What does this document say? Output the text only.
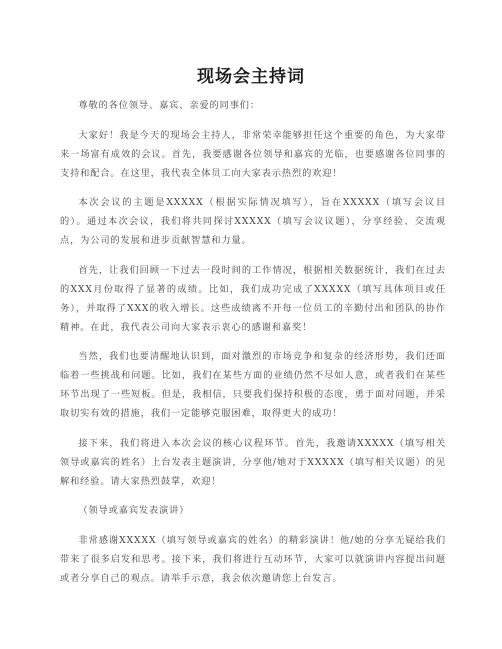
现场会主持词

尊敬的各位领导、嘉宾、亲爱的同事们：

大家好！我是今天的现场会主持人，非常荣幸能够担任这个重要的角色，为大家带来一场富有成效的会议。首先，我要感谢各位领导和嘉宾的光临，也要感谢各位同事的支持和配合。在这里，我代表全体员工向大家表示热烈的欢迎！

本次会议的主题是XXXXX（根据实际情况填写），旨在XXXXX（填写会议目的）。通过本次会议，我们将共同探讨XXXXX（填写会议议题），分享经验、交流观点，为公司的发展和进步贡献智慧和力量。

首先，让我们回顾一下过去一段时间的工作情况，根据相关数据统计，我们在过去的XXX月份取得了显著的成绩。比如，我们成功完成了XXXXX（填写具体项目或任务），并取得了XXX的收入增长。这些成绩离不开每一位员工的辛勤付出和团队的协作精神。在此，我代表公司向大家表示衷心的感谢和嘉奖！

当然，我们也要清醒地认识到，面对激烈的市场竞争和复杂的经济形势，我们还面临着一些挑战和问题。比如，我们在某些方面的业绩仍然不尽如人意，或者我们在某些环节出现了一些短板。但是，我相信，只要我们保持积极的态度，勇于面对问题，并采取切实有效的措施，我们一定能够克服困难，取得更大的成功！

接下来，我们将进入本次会议的核心议程环节。首先，我邀请XXXXX（填写相关领导或嘉宾的姓名）上台发表主题演讲，分享他/她对于XXXXX（填写相关议题）的见解和经验。请大家热烈鼓掌，欢迎！

（领导或嘉宾发表演讲）

非常感谢XXXXX（填写领导或嘉宾的姓名）的精彩演讲！他/她的分享无疑给我们带来了很多启发和思考。接下来，我们将进行互动环节，大家可以就演讲内容提出问题或者分享自己的观点。请举手示意，我会依次邀请您上台发言。
